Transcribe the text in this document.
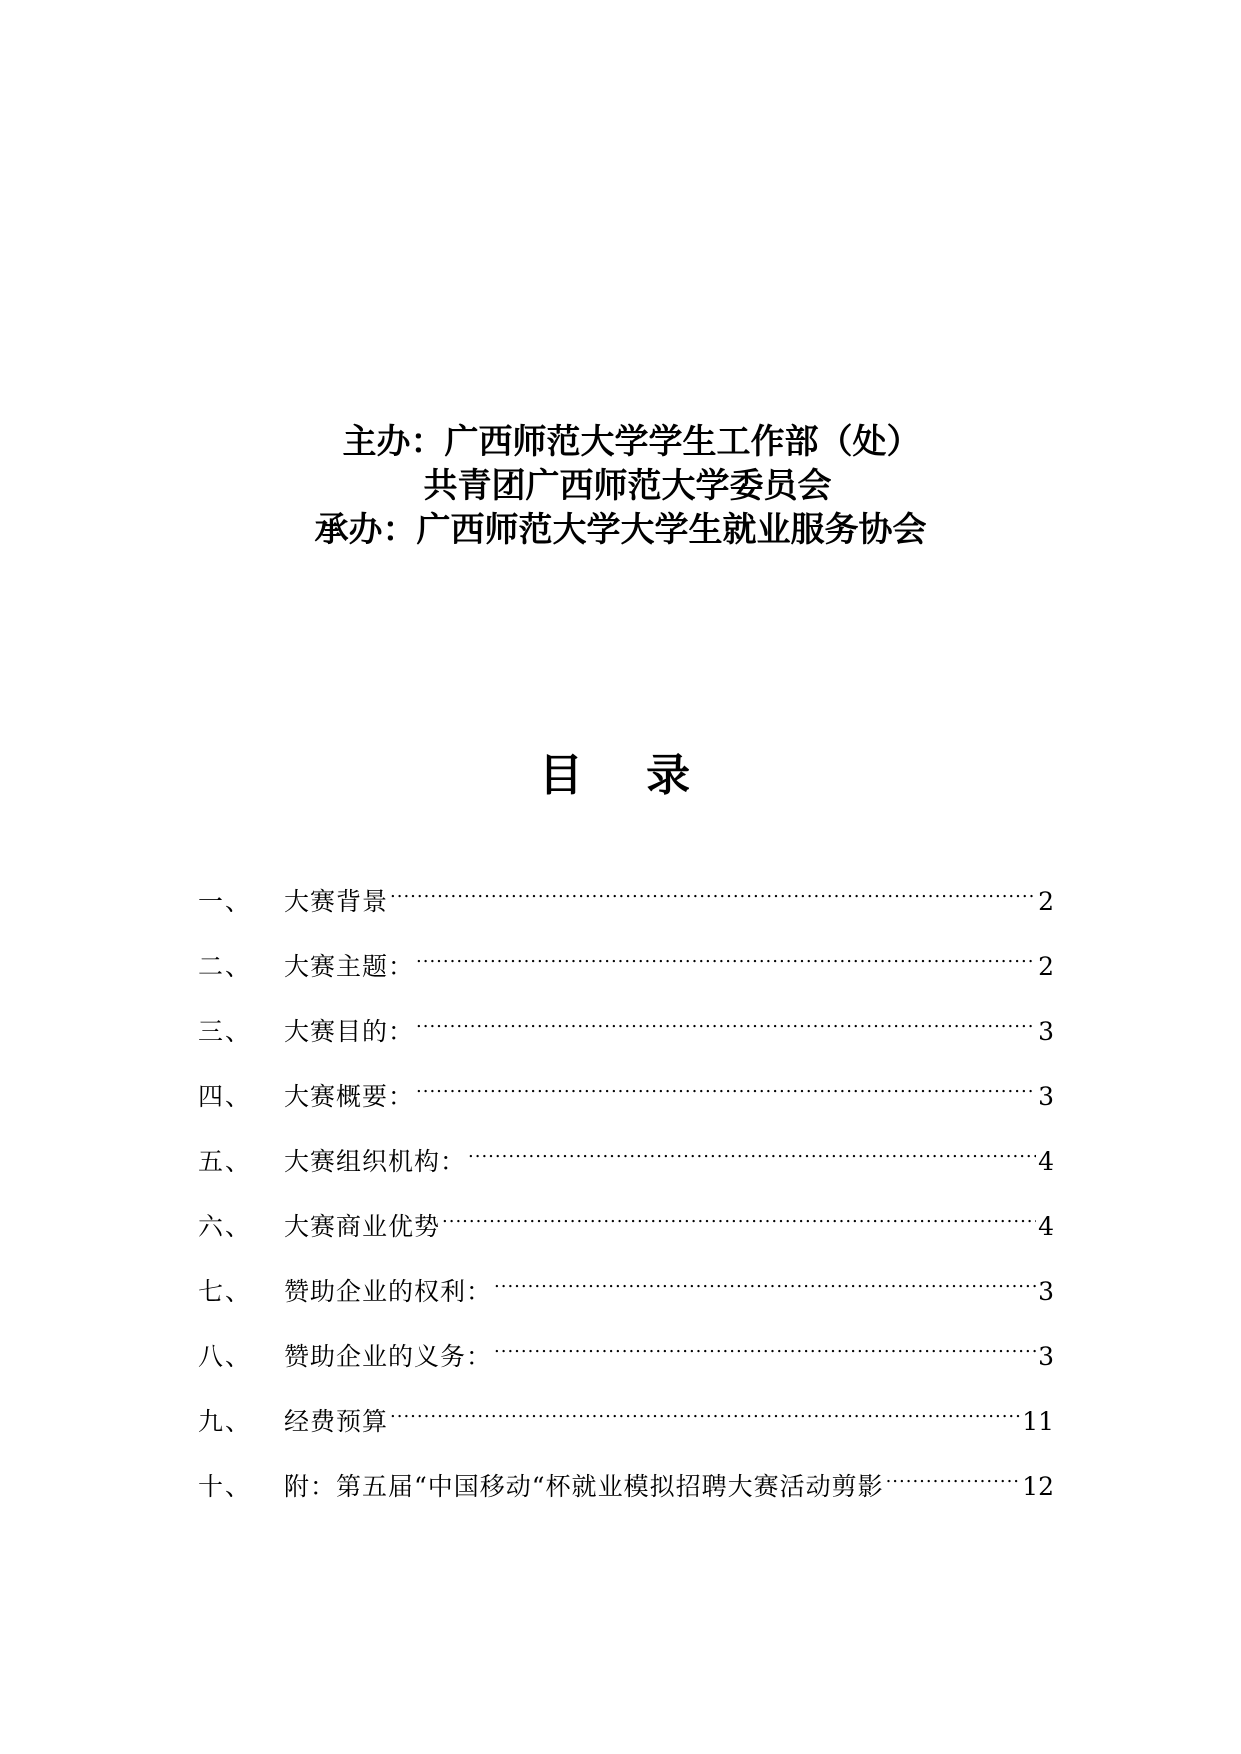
主办：广西师范大学学生工作部（处）
共青团广西师范大学委员会
承办：广西师范大学大学生就业服务协会
目 录
一、	大赛背景 .....	2
二、	大赛主题： .....	2
三、	大赛目的： .....	3
四、	大赛概要： .....	3
五、	大赛组织机构： .....	4
六、	大赛商业优势 .....	4
七、	赞助企业的权利： .....	3
八、	赞助企业的义务： .....	3
九、	经费预算 .....	11
十、	附：第五届“中国移动“杯就业模拟招聘大赛活动剪影 .....	12
